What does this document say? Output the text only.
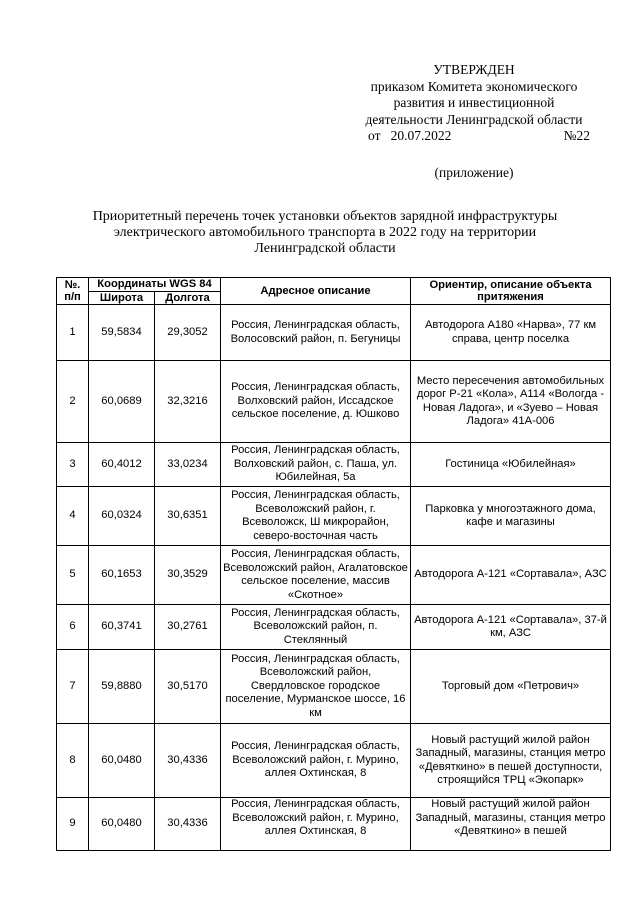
УТВЕРЖДЕН
приказом Комитета экономического
развития и инвестиционной
деятельности Ленинградской области
от 20.07.2022	№22
(приложение)
Приоритетный перечень точек установки объектов зарядной инфраструктуры
электрического автомобильного транспорта в 2022 году на территории
Ленинградской области
№. п/п	Координаты WGS 84		Адресное описание	Ориентир, описание объекта притяжения
	Широта	Долгота		
1	59,5834	29,3052	Россия, Ленинградская область, Волосовский район, п. Бегуницы	Автодорога А180 «Нарва», 77 км справа, центр поселка
2	60,0689	32,3216	Россия, Ленинградская область, Волховский район, Иссадское сельское поселение, д. Юшково	Место пересечения автомобильных дорог Р-21 «Кола», А114 «Вологда - Новая Ладога», и «Зуево – Новая Ладога» 41А-006
3	60,4012	33,0234	Россия, Ленинградская область, Волховский район, с. Паша, ул. Юбилейная, 5а	Гостиница «Юбилейная»
4	60,0324	30,6351	Россия, Ленинградская область, Всеволожский район, г. Всеволожск, Ш микрорайон, северо-восточная часть	Парковка у многоэтажного дома, кафе и магазины
5	60,1653	30,3529	Россия, Ленинградская область, Всеволожский район, Агалатовское сельское поселение, массив «Скотное»	Автодорога А-121 «Сортавала», АЗС
6	60,3741	30,2761	Россия, Ленинградская область, Всеволожский район, п. Стеклянный	Автодорога А-121 «Сортавала», 37-й км, АЗС
7	59,8880	30,5170	Россия, Ленинградская область, Всеволожский район, Свердловское городское поселение, Мурманское шоссе, 16 км	Торговый дом «Петрович»
8	60,0480	30,4336	Россия, Ленинградская область, Всеволожский район, г. Мурино, аллея Охтинская, 8	Новый растущий жилой район Западный, магазины, станция метро «Девяткино» в пешей доступности, строящийся ТРЦ «Экопарк»
9	60,0480	30,4336	Россия, Ленинградская область, Всеволожский район, г. Мурино, аллея Охтинская, 8	Новый растущий жилой район Западный, магазины, станция метро «Девяткино» в пешей
